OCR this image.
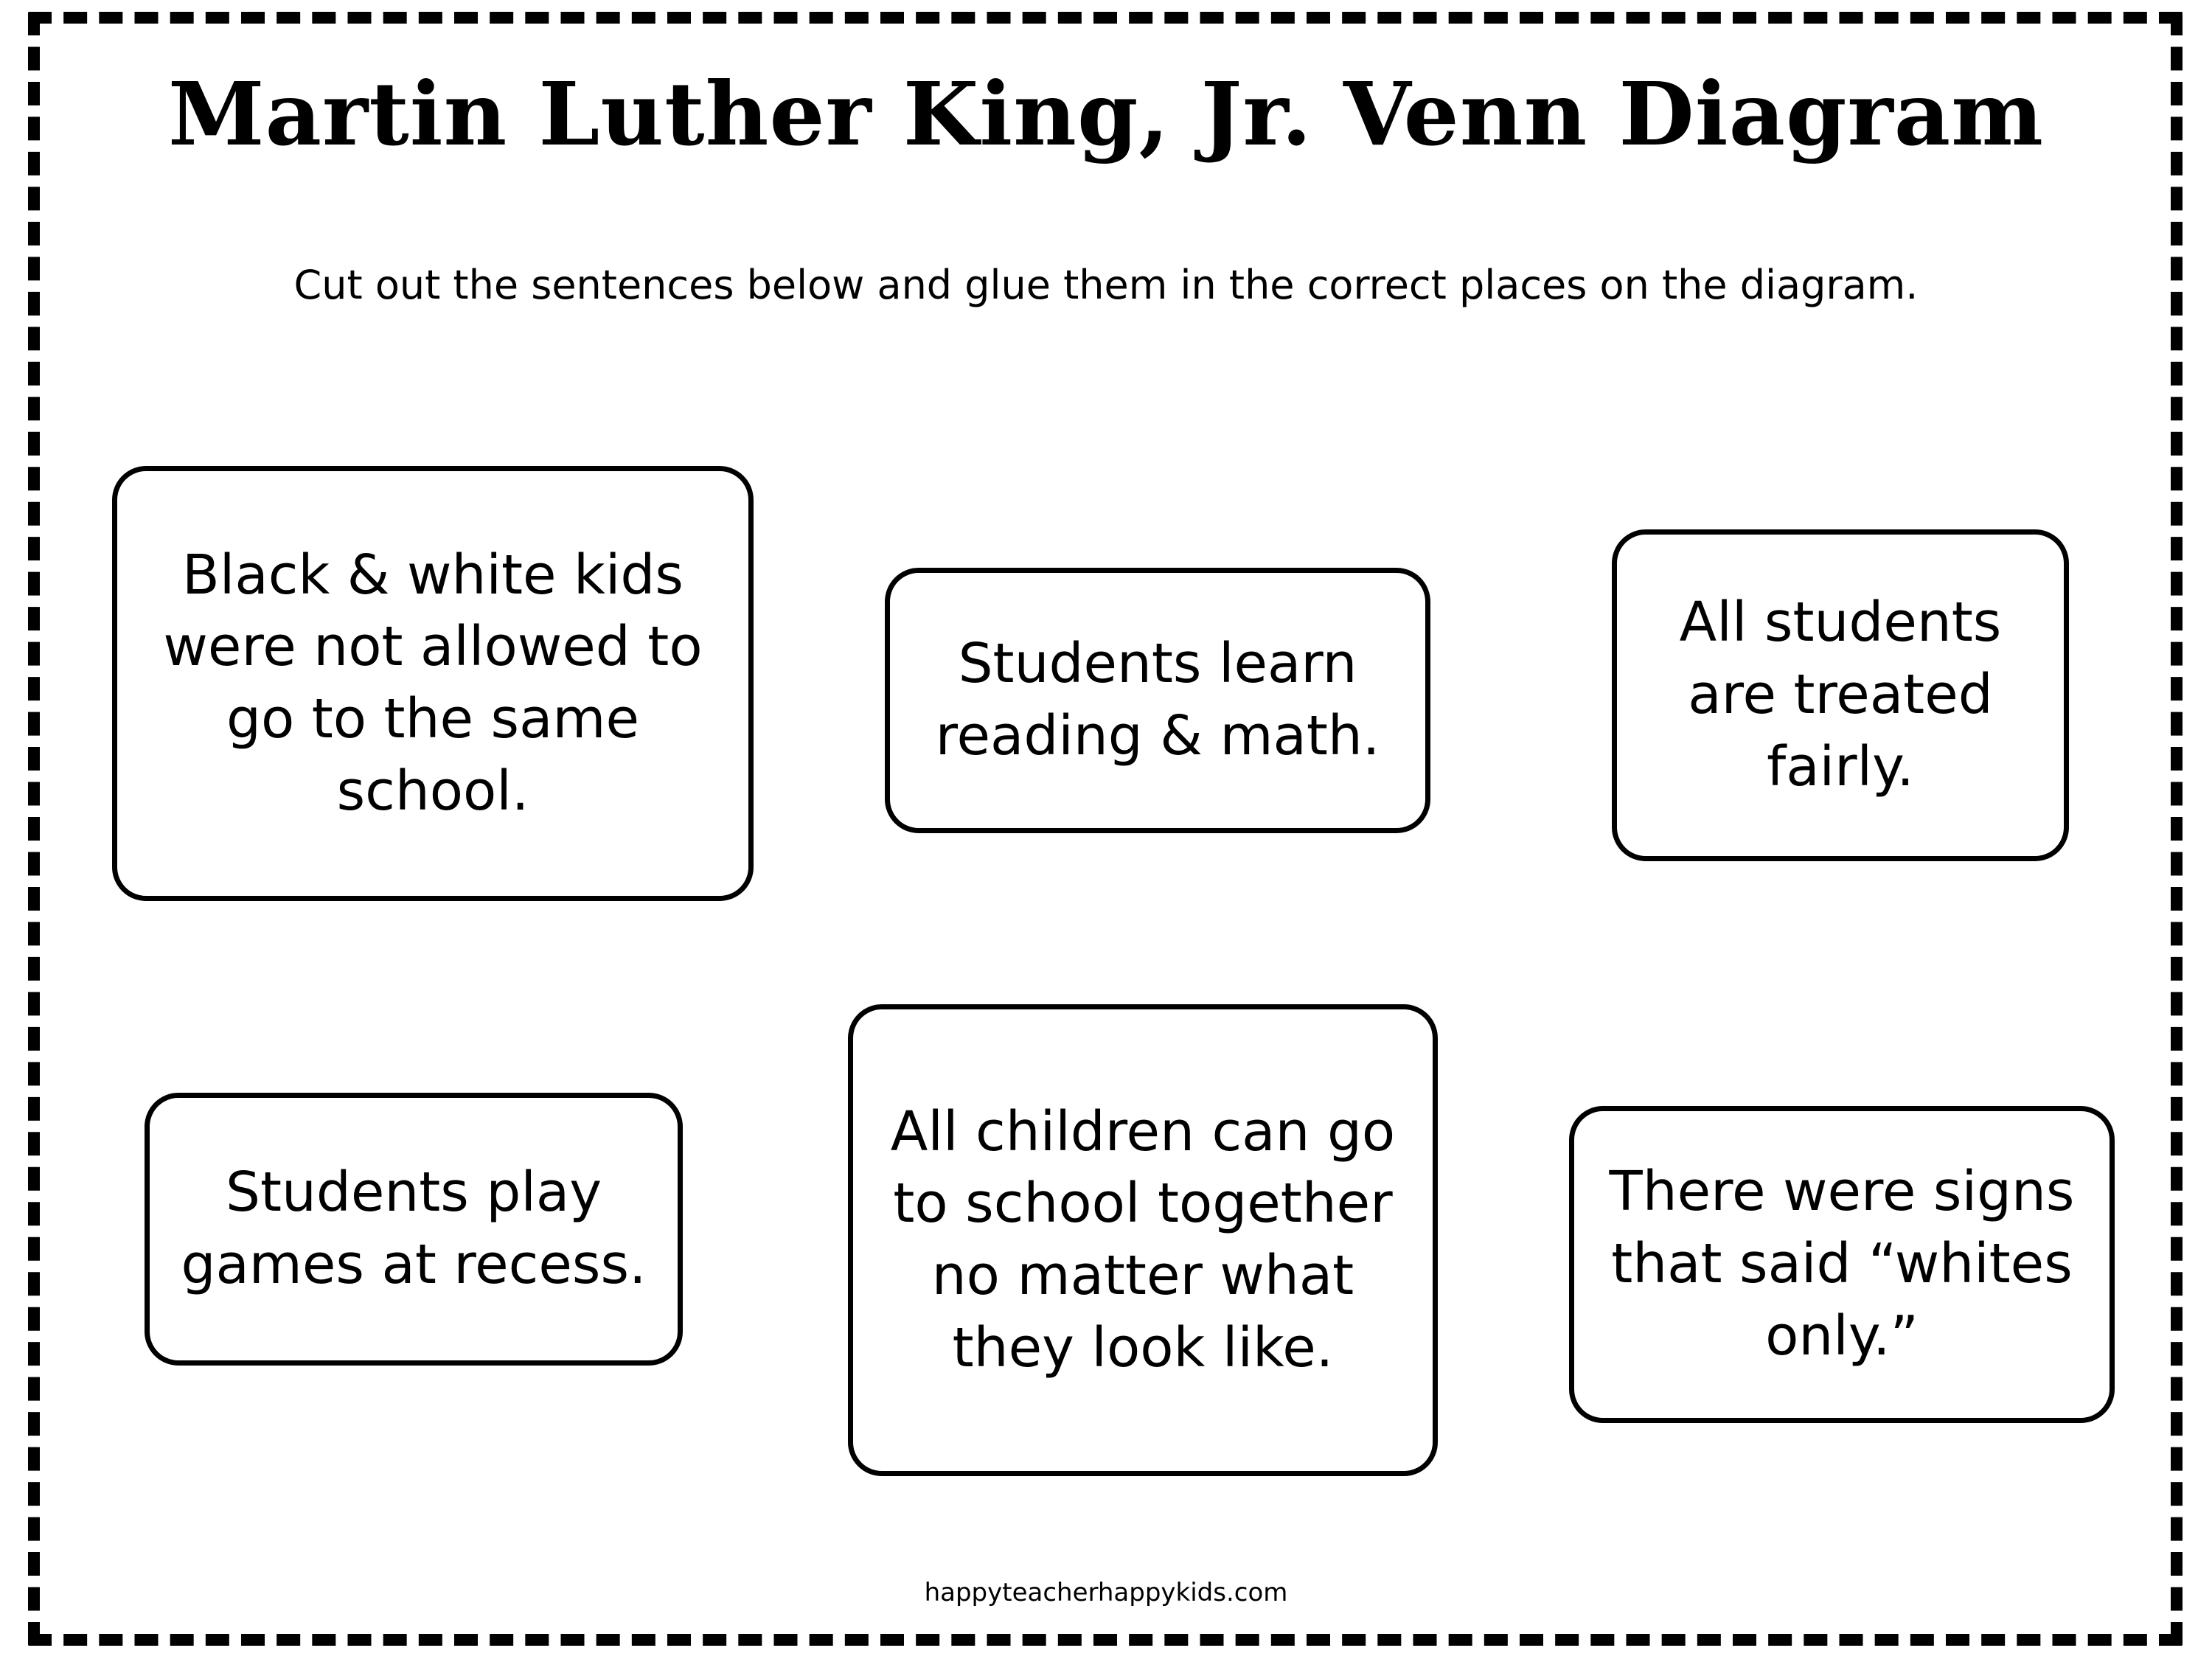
Martin Luther King, Jr. Venn Diagram
Cut out the sentences below and glue them in the correct places on the diagram.
Black & white kids were not allowed to go to the same school.
Students learn reading & math.
All students are treated fairly.
Students play games at recess.
All children can go to school together no matter what they look like.
There were signs that said “whites only.”
happyteacherhappykids.com
